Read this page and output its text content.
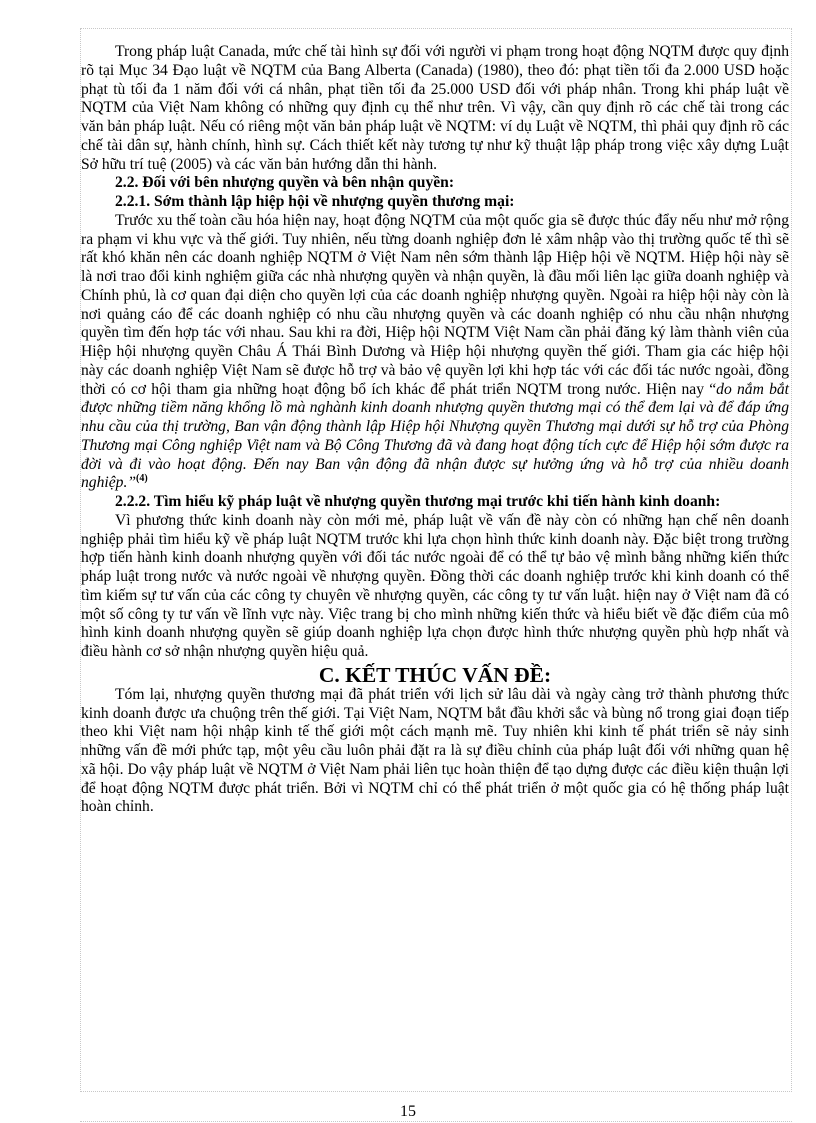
Trong pháp luật Canada, mức chế tài hình sự đối với người vi phạm trong hoạt động NQTM được quy định rõ tại Mục 34 Đạo luật về NQTM của Bang Alberta (Canada) (1980), theo đó: phạt tiền tối đa 2.000 USD hoặc phạt tù tối đa 1 năm đối với cá nhân, phạt tiền tối đa 25.000 USD đối với pháp nhân. Trong khi pháp luật về NQTM của Việt Nam không có những quy định cụ thể như trên. Vì vậy, cần quy định rõ các chế tài trong các văn bản pháp luật. Nếu có riêng một văn bản pháp luật về NQTM: ví dụ Luật về NQTM, thì phải quy định rõ các chế tài dân sự, hành chính, hình sự. Cách thiết kết này tương tự như kỹ thuật lập pháp trong việc xây dựng Luật Sở hữu trí tuệ (2005) và các văn bản hướng dẫn thi hành.

2.2. Đối với bên nhượng quyền và bên nhận quyền:

2.2.1. Sớm thành lập hiệp hội về nhượng quyền thương mại:

Trước xu thế toàn cầu hóa hiện nay, hoạt động NQTM của một quốc gia sẽ được thúc đẩy nếu như mở rộng ra phạm vi khu vực và thế giới. Tuy nhiên, nếu từng doanh nghiệp đơn lẻ xâm nhập vào thị trường quốc tế thì sẽ rất khó khăn nên các doanh nghiệp NQTM ở Việt Nam nên sớm thành lập Hiệp hội về NQTM. Hiệp hội này sẽ là nơi trao đổi kinh nghiệm giữa các nhà nhượng quyền và nhận quyền, là đầu mối liên lạc giữa doanh nghiệp và Chính phủ, là cơ quan đại diện cho quyền lợi của các doanh nghiệp nhượng quyền. Ngoài ra hiệp hội này còn là nơi quảng cáo để các doanh nghiệp có nhu cầu nhượng quyền và các doanh nghiệp có nhu cầu nhận nhượng quyền tìm đến hợp tác với nhau. Sau khi ra đời, Hiệp hội NQTM Việt Nam cần phải đăng ký làm thành viên của Hiệp hội nhượng quyền Châu Á Thái Bình Dương và Hiệp hội nhượng quyền thế giới. Tham gia các hiệp hội này các doanh nghiệp Việt Nam sẽ được hỗ trợ và bảo vệ quyền lợi khi hợp tác với các đối tác nước ngoài, đồng thời có cơ hội tham gia những hoạt động bổ ích khác để phát triển NQTM trong nước. Hiện nay “do nắm bắt được những tiềm năng khổng lồ mà nghành kinh doanh nhượng quyền thương mại có thể đem lại và để đáp ứng nhu cầu của thị trường, Ban vận động thành lập Hiệp hội Nhượng quyền Thương mại dưới sự hỗ trợ của Phòng Thương mại Công nghiệp Việt nam và Bộ Công Thương đã và đang hoạt động tích cực để Hiệp hội sớm được ra đời và đi vào hoạt động. Đến nay Ban vận động đã nhận được sự hưởng ứng và hỗ trợ của nhiều doanh nghiệp.”$^{(4)}$

2.2.2. Tìm hiểu kỹ pháp luật về nhượng quyền thương mại trước khi tiến hành kinh doanh:

Vì phương thức kinh doanh này còn mới mẻ, pháp luật về vấn đề này còn có những hạn chế nên doanh nghiệp phải tìm hiểu kỹ về pháp luật NQTM trước khi lựa chọn hình thức kinh doanh này. Đặc biệt trong trường hợp tiến hành kinh doanh nhượng quyền với đối tác nước ngoài để có thể tự bảo vệ mình bằng những kiến thức pháp luật trong nước và nước ngoài về nhượng quyền. Đồng thời các doanh nghiệp trước khi kinh doanh có thể tìm kiếm sự tư vấn của các công ty chuyên về nhượng quyền, các công ty tư vấn luật. hiện nay ở Việt nam đã có một số công ty tư vấn về lĩnh vực này. Việc trang bị cho mình những kiến thức và hiểu biết về đặc điểm của mô hình kinh doanh nhượng quyền sẽ giúp doanh nghiệp lựa chọn được hình thức nhượng quyền phù hợp nhất và điều hành cơ sở nhận nhượng quyền hiệu quả.

C. KẾT THÚC VẤN ĐỀ:

Tóm lại, nhượng quyền thương mại đã phát triển với lịch sử lâu dài và ngày càng trở thành phương thức kinh doanh được ưa chuộng trên thế giới. Tại Việt Nam, NQTM bắt đầu khởi sắc và bùng nổ trong giai đoạn tiếp theo khi Việt nam hội nhập kinh tế thế giới một cách mạnh mẽ. Tuy nhiên khi kinh tế phát triển sẽ nảy sinh những vấn đề mới phức tạp, một yêu cầu luôn phải đặt ra là sự điều chỉnh của pháp luật đối với những quan hệ xã hội. Do vậy pháp luật về NQTM ở Việt Nam phải liên tục hoàn thiện để tạo dựng được các điều kiện thuận lợi để hoạt động NQTM được phát triển. Bởi vì NQTM chỉ có thể phát triển ở một quốc gia có hệ thống pháp luật hoàn chỉnh.

15
